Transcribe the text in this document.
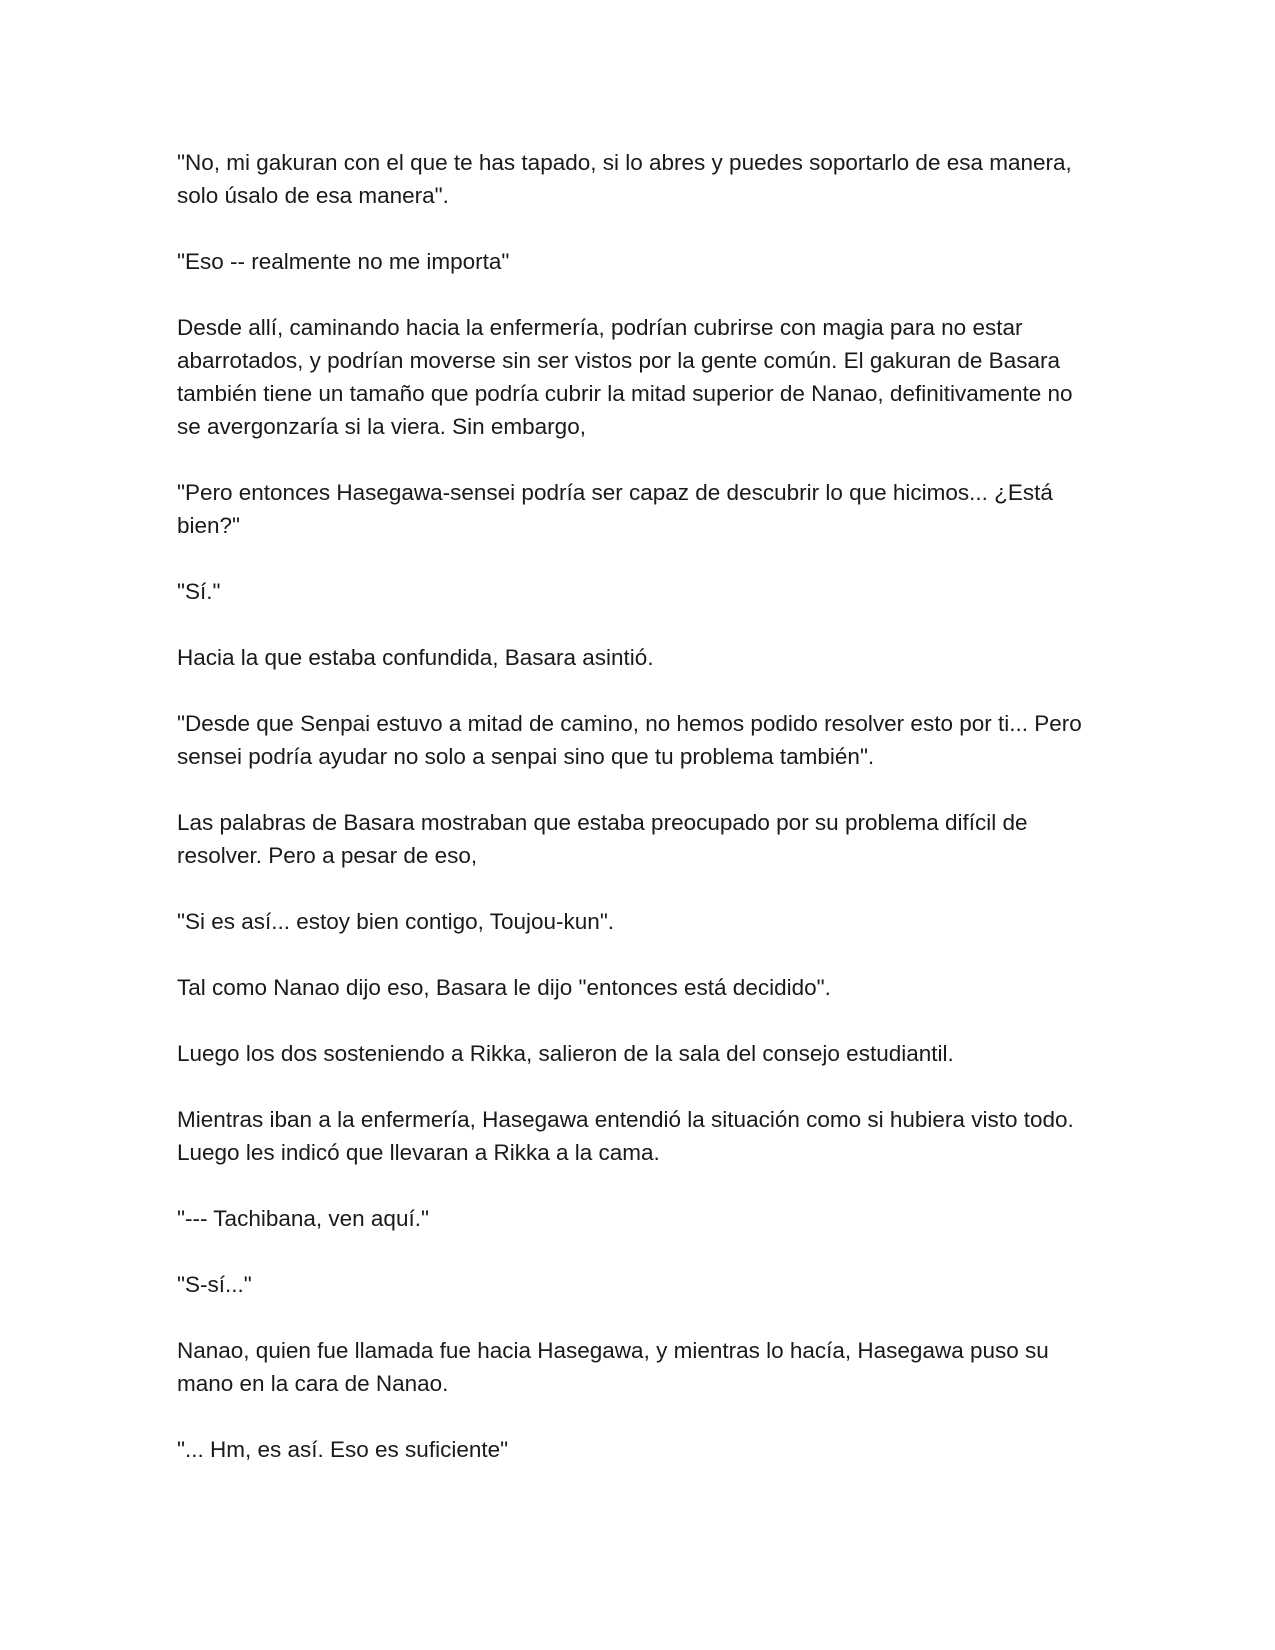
"No, mi gakuran con el que te has tapado, si lo abres y puedes soportarlo de esa manera, solo úsalo de esa manera".

"Eso -- realmente no me importa"

Desde allí, caminando hacia la enfermería, podrían cubrirse con magia para no estar abarrotados, y podrían moverse sin ser vistos por la gente común. El gakuran de Basara también tiene un tamaño que podría cubrir la mitad superior de Nanao, definitivamente no se avergonzaría si la viera. Sin embargo,

"Pero entonces Hasegawa-sensei podría ser capaz de descubrir lo que hicimos... ¿Está bien?"

"Sí."

Hacia la que estaba confundida, Basara asintió.

"Desde que Senpai estuvo a mitad de camino, no hemos podido resolver esto por ti... Pero sensei podría ayudar no solo a senpai sino que tu problema también".

Las palabras de Basara mostraban que estaba preocupado por su problema difícil de resolver. Pero a pesar de eso,

"Si es así... estoy bien contigo, Toujou-kun".

Tal como Nanao dijo eso, Basara le dijo "entonces está decidido".

Luego los dos sosteniendo a Rikka, salieron de la sala del consejo estudiantil.

Mientras iban a la enfermería, Hasegawa entendió la situación como si hubiera visto todo. Luego les indicó que llevaran a Rikka a la cama.

"--- Tachibana, ven aquí."

"S-sí..."

Nanao, quien fue llamada fue hacia Hasegawa, y mientras lo hacía, Hasegawa puso su mano en la cara de Nanao.

"... Hm, es así. Eso es suficiente"
